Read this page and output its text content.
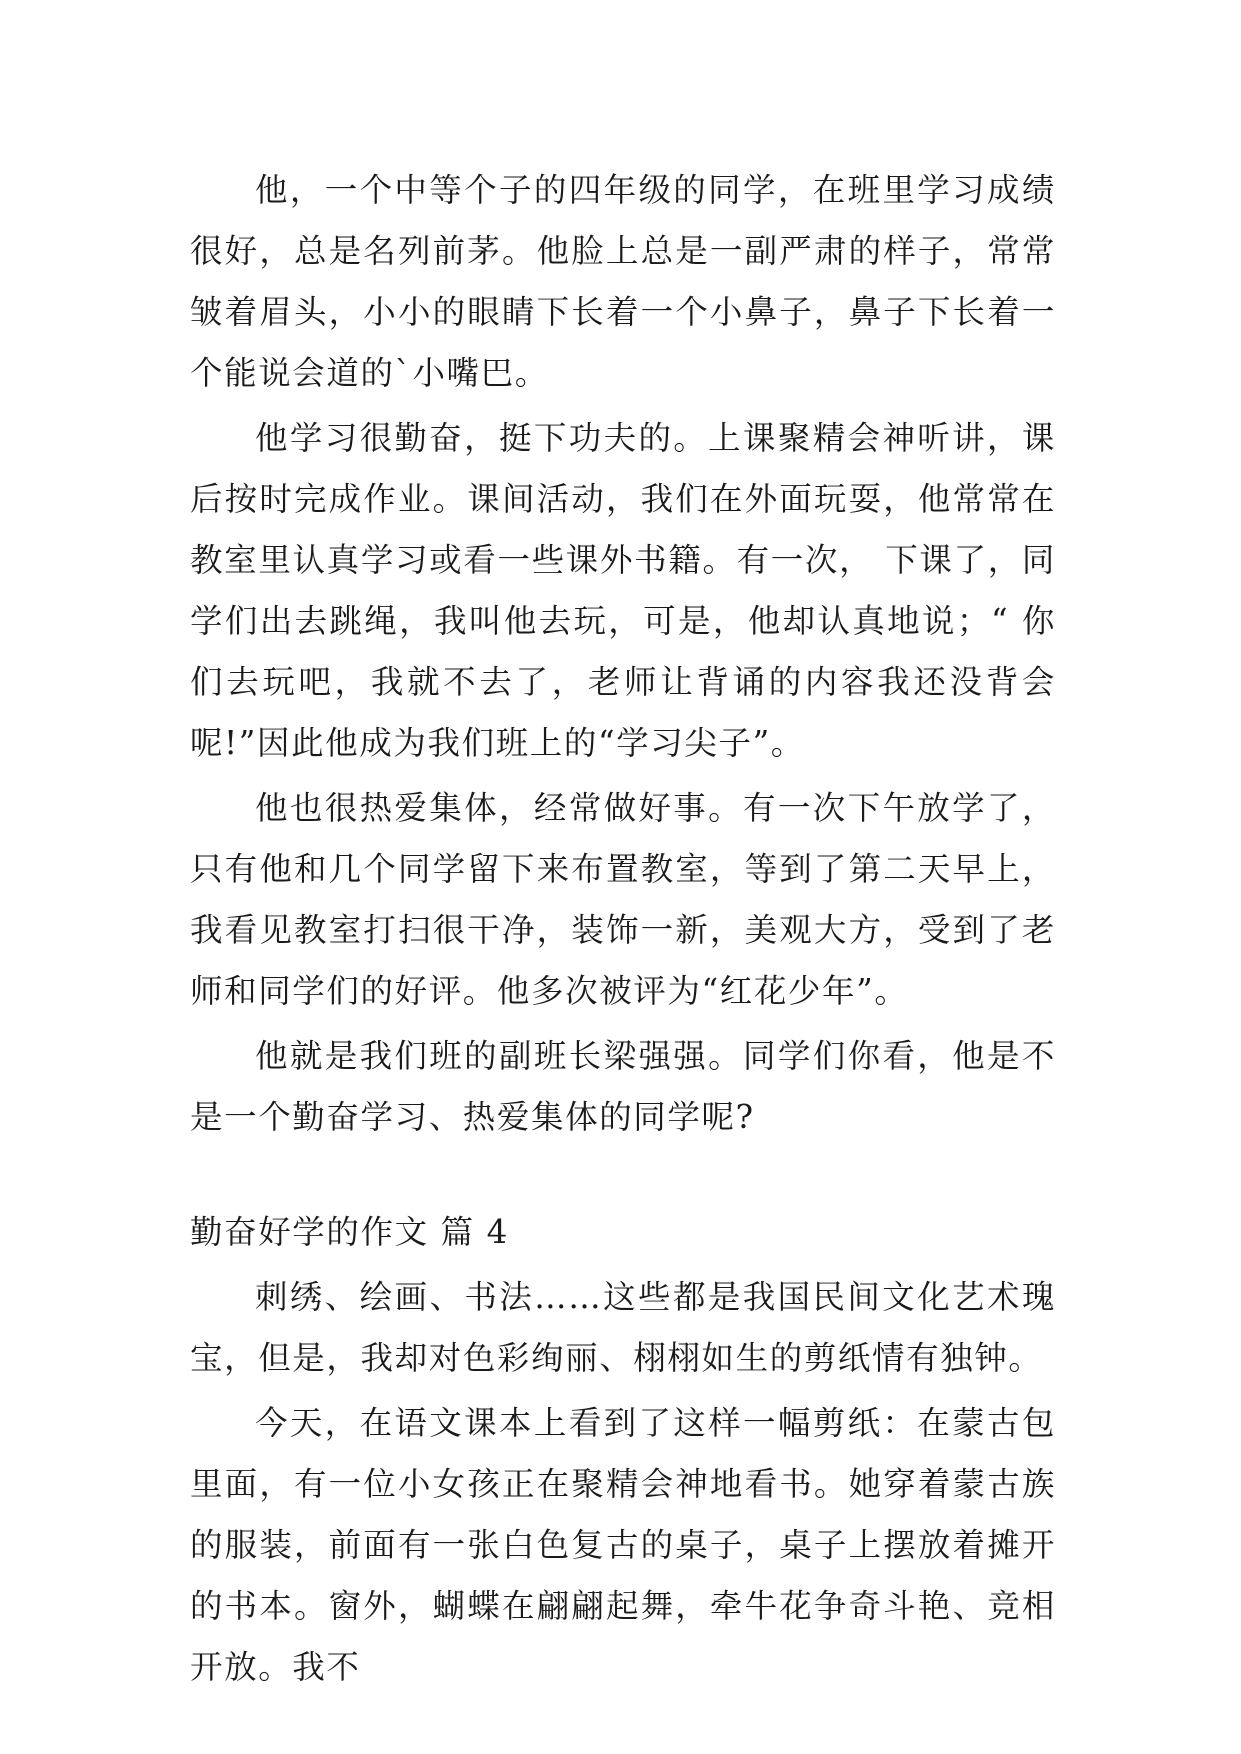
他，一个中等个子的四年级的同学，在班里学习成绩很好，总是名列前茅。他脸上总是一副严肃的样子，常常皱着眉头，小小的眼睛下长着一个小鼻子，鼻子下长着一个能说会道的`小嘴巴。

他学习很勤奋，挺下功夫的。上课聚精会神听讲，课后按时完成作业。课间活动，我们在外面玩耍，他常常在教室里认真学习或看一些课外书籍。有一次， 下课了，同学们出去跳绳，我叫他去玩，可是，他却认真地说；“ 你们去玩吧，我就不去了，老师让背诵的内容我还没背会呢!”因此他成为我们班上的“学习尖子”。

他也很热爱集体，经常做好事。有一次下午放学了，只有他和几个同学留下来布置教室，等到了第二天早上，我看见教室打扫很干净，装饰一新，美观大方，受到了老师和同学们的好评。他多次被评为“红花少年”。

他就是我们班的副班长梁强强。同学们你看，他是不是一个勤奋学习、热爱集体的同学呢?

勤奋好学的作文 篇 4

刺绣、绘画、书法……这些都是我国民间文化艺术瑰宝，但是，我却对色彩绚丽、栩栩如生的剪纸情有独钟。

今天，在语文课本上看到了这样一幅剪纸：在蒙古包里面，有一位小女孩正在聚精会神地看书。她穿着蒙古族的服装，前面有一张白色复古的桌子，桌子上摆放着摊开的书本。窗外，蝴蝶在翩翩起舞，牵牛花争奇斗艳、竞相开放。我不
